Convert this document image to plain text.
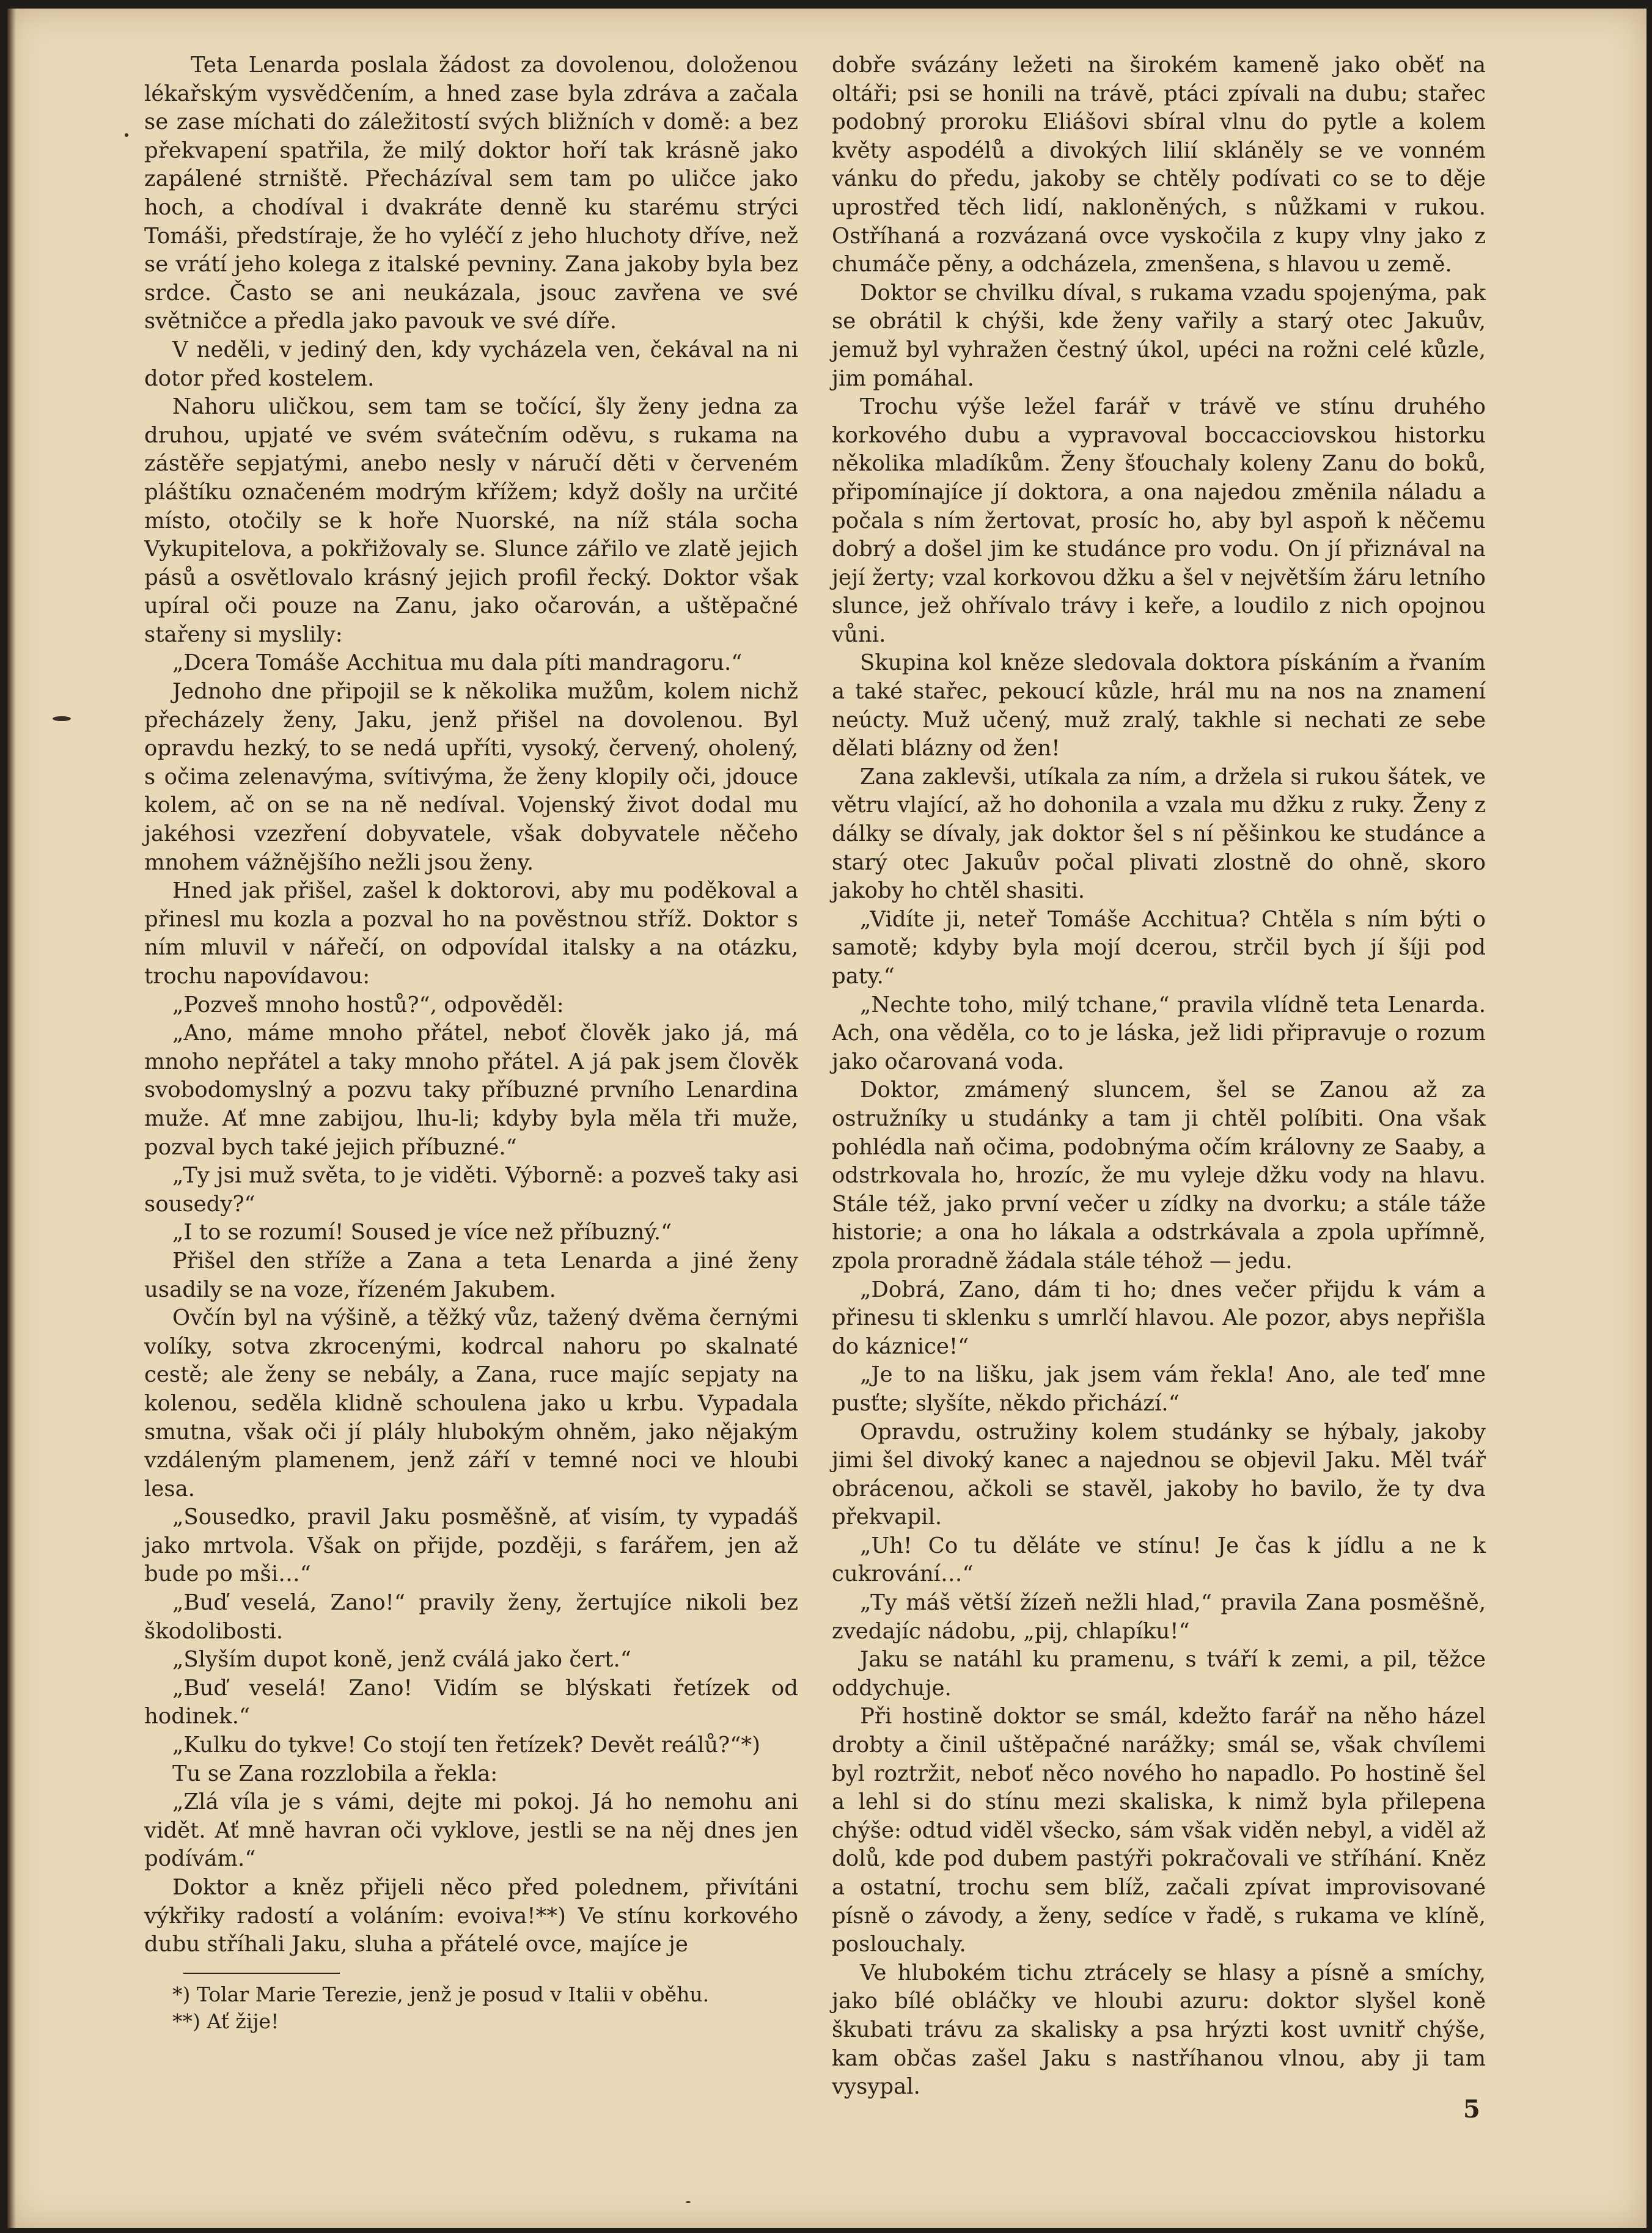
Teta Lenarda poslala žádost za dovolenou, doloženou lékařským vysvědčením, a hned zase byla zdráva a začala se zase míchati do záležitostí svých bližních v domě: a bez překvapení spatřila, že milý doktor hoří tak krásně jako zapálené strniště. Přecházíval sem tam po uličce jako hoch, a chodíval i dvakráte denně ku starému strýci Tomáši, předstíraje, že ho vyléčí z jeho hluchoty dříve, než se vrátí jeho kolega z italské pevniny. Zana jakoby byla bez srdce. Často se ani neukázala, jsouc zavřena ve své světničce a předla jako pavouk ve své díře.

V neděli, v jediný den, kdy vycházela ven, čekával na ni dotor před kostelem.

Nahoru uličkou, sem tam se točící, šly ženy jedna za druhou, upjaté ve svém svátečním oděvu, s rukama na zástěře sepjatými, anebo nesly v náručí děti v červeném pláštíku označeném modrým křížem; když došly na určité místo, otočily se k hoře Nuorské, na níž stála socha Vykupitelova, a pokřižovaly se. Slunce zářilo ve zlatě jejich pásů a osvětlovalo krásný jejich profil řecký. Doktor však upíral oči pouze na Zanu, jako očarován, a uštěpačné stařeny si myslily:

„Dcera Tomáše Acchitua mu dala píti mandragoru.“

Jednoho dne připojil se k několika mužům, kolem nichž přecházely ženy, Jaku, jenž přišel na dovolenou. Byl opravdu hezký, to se nedá upříti, vysoký, červený, oholený, s očima zelenavýma, svítivýma, že ženy klopily oči, jdouce kolem, ač on se na ně nedíval. Vojenský život dodal mu jakéhosi vzezření dobyvatele, však dobyvatele něčeho mnohem vážnějšího nežli jsou ženy.

Hned jak přišel, zašel k doktorovi, aby mu poděkoval a přinesl mu kozla a pozval ho na pověstnou stříž. Doktor s ním mluvil v nářečí, on odpovídal italsky a na otázku, trochu napovídavou:

„Pozveš mnoho hostů?“, odpověděl:

„Ano, máme mnoho přátel, neboť člověk jako já, má mnoho nepřátel a taky mnoho přátel. A já pak jsem člověk svobodomyslný a pozvu taky příbuzné prvního Lenardina muže. Ať mne zabijou, lhu-li; kdyby byla měla tři muže, pozval bych také jejich příbuzné.“

„Ty jsi muž světa, to je viděti. Výborně: a pozveš taky asi sousedy?“

„I to se rozumí! Soused je více než příbuzný.“

Přišel den stříže a Zana a teta Lenarda a jiné ženy usadily se na voze, řízeném Jakubem.

Ovčín byl na výšině, a těžký vůz, tažený dvěma černými volíky, sotva zkrocenými, kodrcal nahoru po skalnaté cestě; ale ženy se nebály, a Zana, ruce majíc sepjaty na kolenou, seděla klidně schoulena jako u krbu. Vypadala smutna, však oči jí plály hlubokým ohněm, jako nějakým vzdáleným plamenem, jenž září v temné noci ve hloubi lesa.

„Sousedko, pravil Jaku posměšně, ať visím, ty vypadáš jako mrtvola. Však on přijde, později, s farářem, jen až bude po mši…“

„Buď veselá, Zano!“ pravily ženy, žertujíce nikoli bez škodolibosti.

„Slyším dupot koně, jenž cválá jako čert.“

„Buď veselá! Zano! Vidím se blýskati řetízek od hodinek.“

„Kulku do tykve! Co stojí ten řetízek? Devět reálů?“*)

Tu se Zana rozzlobila a řekla:

„Zlá víla je s vámi, dejte mi pokoj. Já ho nemohu ani vidět. Ať mně havran oči vyklove, jestli se na něj dnes jen podívám.“

Doktor a kněz přijeli něco před polednem, přivítáni výkřiky radostí a voláním: evoiva!**) Ve stínu korkového dubu stříhali Jaku, sluha a přátelé ovce, majíce je

*) Tolar Marie Terezie, jenž je posud v Italii v oběhu.

**) Ať žije!

dobře svázány ležeti na širokém kameně jako oběť na oltáři; psi se honili na trávě, ptáci zpívali na dubu; stařec podobný proroku Eliášovi sbíral vlnu do pytle a kolem květy aspodélů a divokých lilií skláněly se ve vonném vánku do předu, jakoby se chtěly podívati co se to děje uprostřed těch lidí, nakloněných, s nůžkami v rukou. Ostříhaná a rozvázaná ovce vyskočila z kupy vlny jako z chumáče pěny, a odcházela, zmenšena, s hlavou u země.

Doktor se chvilku díval, s rukama vzadu spojenýma, pak se obrátil k chýši, kde ženy vařily a starý otec Jakuův, jemuž byl vyhražen čestný úkol, upéci na rožni celé kůzle, jim pomáhal.

Trochu výše ležel farář v trávě ve stínu druhého korkového dubu a vypravoval boccacciovskou historku několika mladíkům. Ženy šťouchaly koleny Zanu do boků, připomínajíce jí doktora, a ona najedou změnila náladu a počala s ním žertovat, prosíc ho, aby byl aspoň k něčemu dobrý a došel jim ke studánce pro vodu. On jí přiznával na její žerty; vzal korkovou džku a šel v největším žáru letního slunce, jež ohřívalo trávy i keře, a loudilo z nich opojnou vůni.

Skupina kol kněze sledovala doktora pískáním a řvaním a také stařec, pekoucí kůzle, hrál mu na nos na znamení neúcty. Muž učený, muž zralý, takhle si nechati ze sebe dělati blázny od žen!

Zana zaklevši, utíkala za ním, a držela si rukou šátek, ve větru vlající, až ho dohonila a vzala mu džku z ruky. Ženy z dálky se dívaly, jak doktor šel s ní pěšinkou ke studánce a starý otec Jakuův počal plivati zlostně do ohně, skoro jakoby ho chtěl shasiti.

„Vidíte ji, neteř Tomáše Acchitua? Chtěla s ním býti o samotě; kdyby byla mojí dcerou, strčil bych jí šíji pod paty.“

„Nechte toho, milý tchane,“ pravila vlídně teta Lenarda. Ach, ona věděla, co to je láska, jež lidi připravuje o rozum jako očarovaná voda.

Doktor, zmámený sluncem, šel se Zanou až za ostružníky u studánky a tam ji chtěl políbiti. Ona však pohlédla naň očima, podobnýma očím královny ze Saaby, a odstrkovala ho, hrozíc, že mu vyleje džku vody na hlavu. Stále též, jako první večer u zídky na dvorku; a stále táže historie; a ona ho lákala a odstrkávala a zpola upřímně, zpola proradně žádala stále téhož — jedu.

„Dobrá, Zano, dám ti ho; dnes večer přijdu k vám a přinesu ti sklenku s umrlčí hlavou. Ale pozor, abys nepřišla do káznice!“

„Je to na lišku, jak jsem vám řekla! Ano, ale teď mne pusťte; slyšíte, někdo přichází.“

Opravdu, ostružiny kolem studánky se hýbaly, jakoby jimi šel divoký kanec a najednou se objevil Jaku. Měl tvář obrácenou, ačkoli se stavěl, jakoby ho bavilo, že ty dva překvapil.

„Uh! Co tu děláte ve stínu! Je čas k jídlu a ne k cukrování…“

„Ty máš větší žízeň nežli hlad,“ pravila Zana posměšně, zvedajíc nádobu, „pij, chlapíku!“

Jaku se natáhl ku pramenu, s tváří k zemi, a pil, těžce oddychuje.

Při hostině doktor se smál, kdežto farář na něho házel drobty a činil uštěpačné narážky; smál se, však chvílemi byl roztržit, neboť něco nového ho napadlo. Po hostině šel a lehl si do stínu mezi skaliska, k nimž byla přilepena chýše: odtud viděl všecko, sám však viděn nebyl, a viděl až dolů, kde pod dubem pastýři pokračovali ve stříhání. Kněz a ostatní, trochu sem blíž, začali zpívat improvisované písně o závody, a ženy, sedíce v řadě, s rukama ve klíně, poslouchaly.

Ve hlubokém tichu ztrácely se hlasy a písně a smíchy, jako bílé obláčky ve hloubi azuru: doktor slyšel koně škubati trávu za skalisky a psa hrýzti kost uvnitř chýše, kam občas zašel Jaku s nastříhanou vlnou, aby ji tam vysypal.

5
